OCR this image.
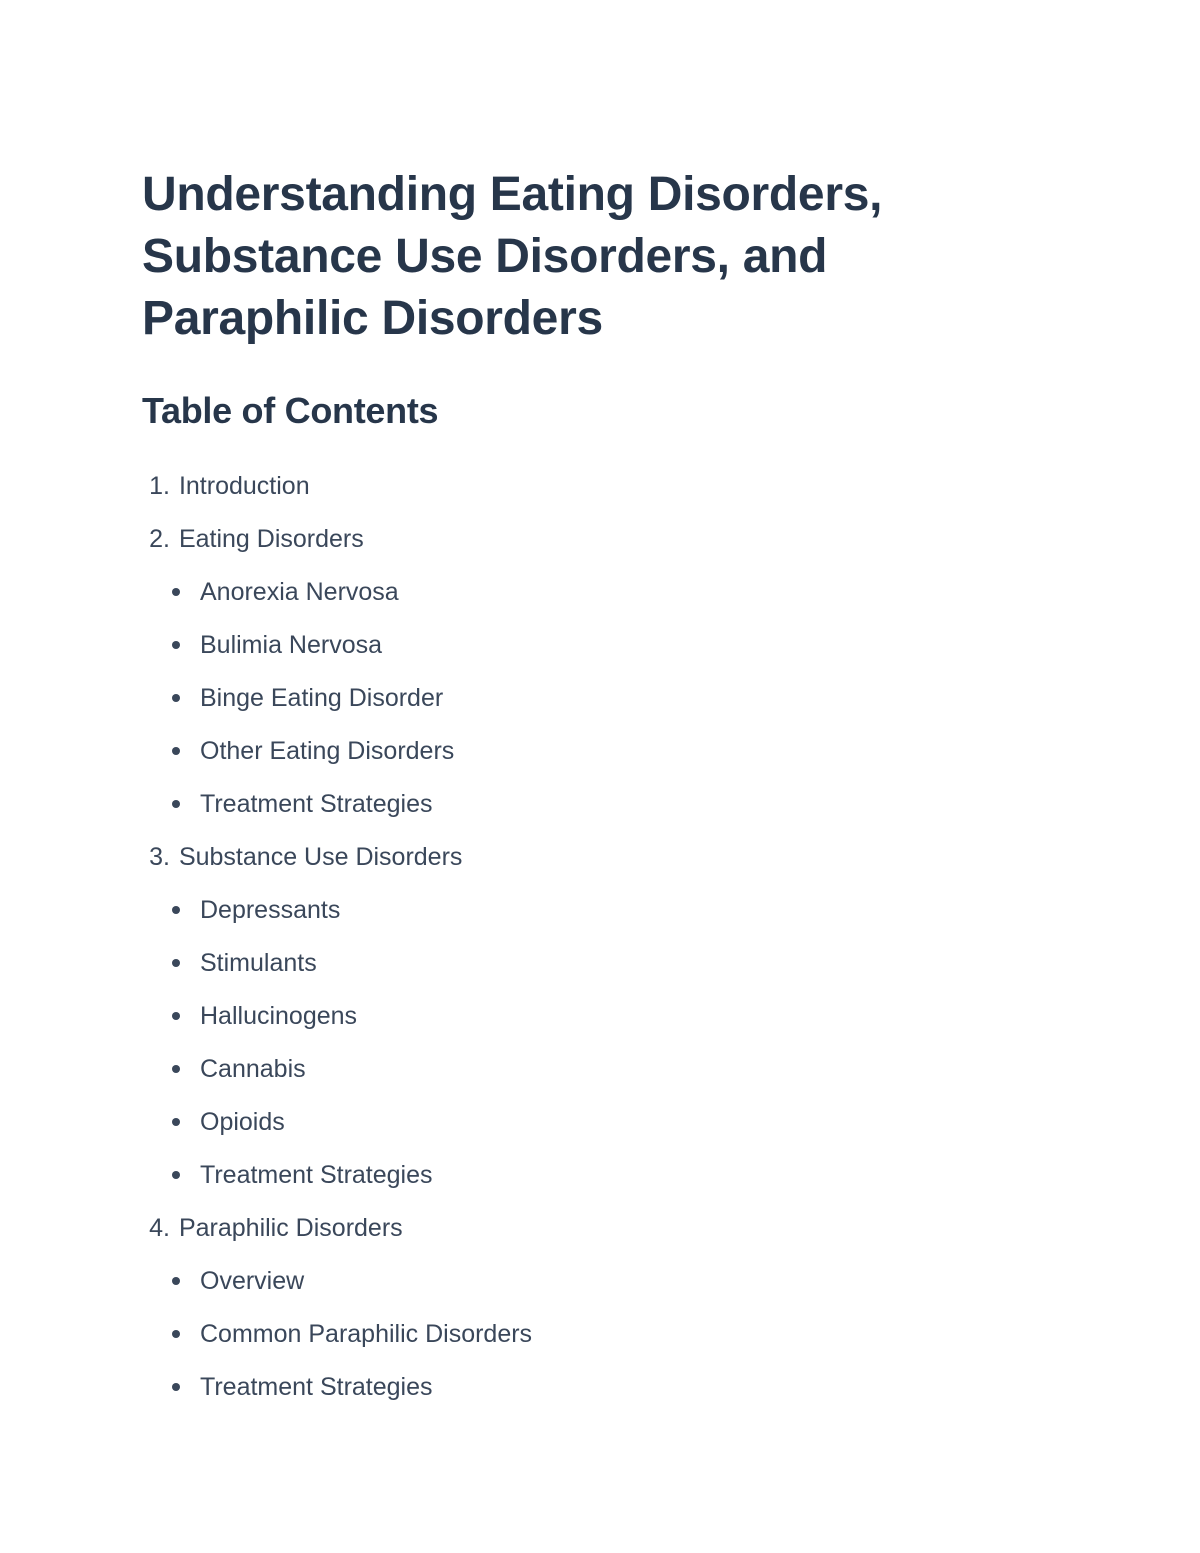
Understanding Eating Disorders, Substance Use Disorders, and Paraphilic Disorders
Table of Contents
1. Introduction
2. Eating Disorders
Anorexia Nervosa
Bulimia Nervosa
Binge Eating Disorder
Other Eating Disorders
Treatment Strategies
3. Substance Use Disorders
Depressants
Stimulants
Hallucinogens
Cannabis
Opioids
Treatment Strategies
4. Paraphilic Disorders
Overview
Common Paraphilic Disorders
Treatment Strategies
